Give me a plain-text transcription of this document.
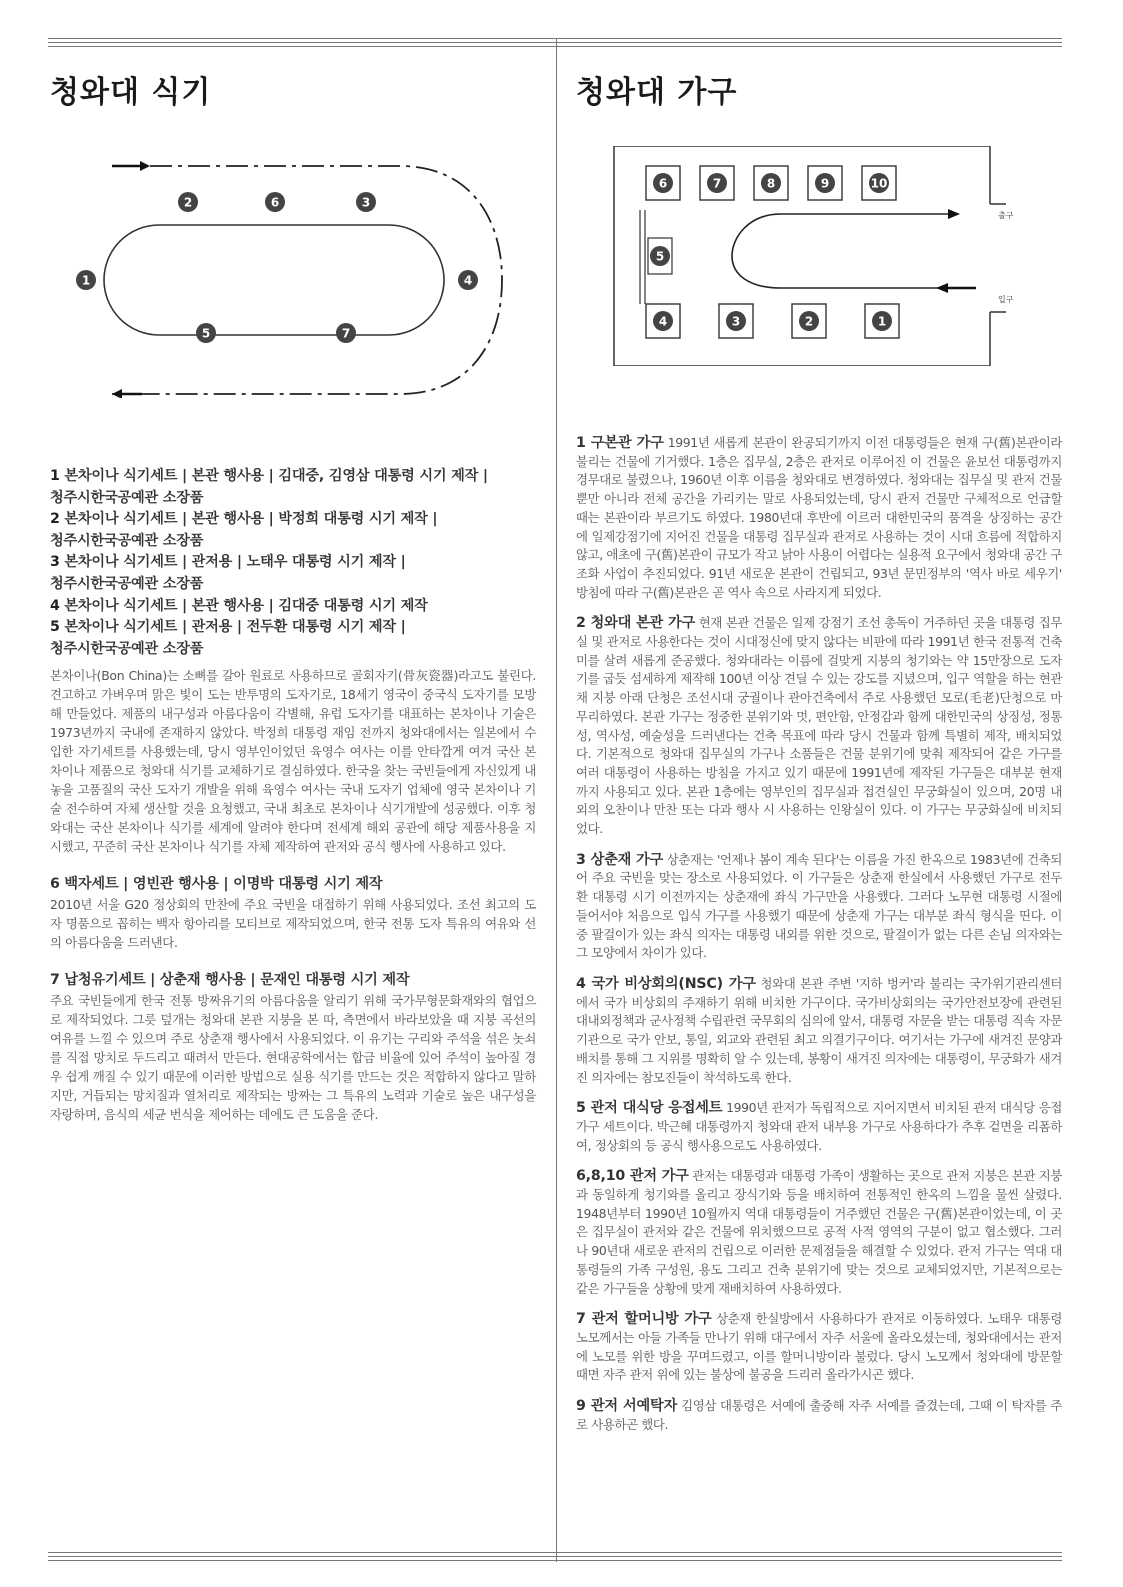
청와대 식기
1
2	6	3
4
5	7

1 본차이나 식기세트 | 본관 행사용 | 김대중, 김영삼 대통령 시기 제작 |

청주시한국공예관 소장품

2 본차이나 식기세트 | 본관 행사용 | 박정희 대통령 시기 제작 |

청주시한국공예관 소장품

3 본차이나 식기세트 | 관저용 | 노태우 대통령 시기 제작 |

청주시한국공예관 소장품

4 본차이나 식기세트 | 본관 행사용 | 김대중 대통령 시기 제작

5 본차이나 식기세트 | 관저용 | 전두환 대통령 시기 제작 |

청주시한국공예관 소장품

본차이나(Bon China)는 소뼈를 갈아 원료로 사용하므로 골회자기(骨灰瓷器)라고도 불린다. 견고하고 가벼우며 맑은 빛이 도는 반투명의 도자기로, 18세기 영국이 중국식 도자기를 모방해 만들었다. 제품의 내구성과 아름다움이 각별해, 유럽 도자기를 대표하는 본차이나 기술은 1973년까지 국내에 존재하지 않았다. 박정희 대통령 재임 전까지 청와대에서는 일본에서 수입한 자기세트를 사용했는데, 당시 영부인이었던 육영수 여사는 이를 안타깝게 여겨 국산 본차이나 제품으로 청와대 식기를 교체하기로 결심하였다. 한국을 찾는 국빈들에게 자신있게 내놓을 고품질의 국산 도자기 개발을 위해 육영수 여사는 국내 도자기 업체에 영국 본차이나 기술 전수하여 자체 생산할 것을 요청했고, 국내 최초로 본차이나 식기개발에 성공했다. 이후 청와대는 국산 본차이나 식기를 세계에 알려야 한다며 전세계 해외 공관에 해당 제품사용을 지시했고, 꾸준히 국산 본차이나 식기를 자체 제작하여 관저와 공식 행사에 사용하고 있다.

6 백자세트 | 영빈관 행사용 | 이명박 대통령 시기 제작

2010년 서울 G20 정상회의 만찬에 주요 국빈을 대접하기 위해 사용되었다. 조선 최고의 도자 명품으로 꼽히는 백자 항아리를 모티브로 제작되었으며, 한국 전통 도자 특유의 여유와 선의 아름다움을 드러낸다.

7 납청유기세트 | 상춘재 행사용 | 문재인 대통령 시기 제작

주요 국빈들에게 한국 전통 방짜유기의 아름다움을 알리기 위해 국가무형문화재와의 협업으로 제작되었다. 그릇 덮개는 청와대 본관 지붕을 본 따, 측면에서 바라보았을 때 지붕 곡선의 여유를 느낄 수 있으며 주로 상춘재 행사에서 사용되었다. 이 유기는 구리와 주석을 섞은 놋쇠를 직접 망치로 두드리고 때려서 만든다. 현대공학에서는 합금 비율에 있어 주석이 높아질 경우 쉽게 깨질 수 있기 때문에 이러한 방법으로 실용 식기를 만드는 것은 적합하지 않다고 말하지만, 거듭되는 망치질과 열처리로 제작되는 방짜는 그 특유의 노력과 기술로 높은 내구성을 자랑하며, 음식의 세균 번식을 제어하는 데에도 큰 도움을 준다.

청와대 가구
출구
입구
6	7	8	9	10
4	3	2	1
5

1 구본관 가구 1991년 새롭게 본관이 완공되기까지 이전 대통령들은 현재 구(舊)본관이라 불리는 건물에 기거했다. 1층은 집무실, 2층은 관저로 이루어진 이 건물은 윤보선 대통령까지 경무대로 불렸으나, 1960년 이후 이름을 청와대로 변경하였다. 청와대는 집무실 및 관저 건물뿐만 아니라 전체 공간을 가리키는 말로 사용되었는데, 당시 관저 건물만 구체적으로 언급할 때는 본관이라 부르기도 하였다. 1980년대 후반에 이르러 대한민국의 품격을 상징하는 공간에 일제강점기에 지어진 건물을 대통령 집무실과 관저로 사용하는 것이 시대 흐름에 적합하지 않고, 애초에 구(舊)본관이 규모가 작고 낡아 사용이 어렵다는 실용적 요구에서 청와대 공간 구조화 사업이 추진되었다. 91년 새로운 본관이 건립되고, 93년 문민정부의 '역사 바로 세우기' 방침에 따라 구(舊)본관은 곧 역사 속으로 사라지게 되었다.

2 청와대 본관 가구 현재 본관 건물은 일제 강점기 조선 총독이 거주하던 곳을 대통령 집무실 및 관저로 사용한다는 것이 시대정신에 맞지 않다는 비판에 따라 1991년 한국 전통적 건축미를 살려 새롭게 준공했다. 청와대라는 이름에 걸맞게 지붕의 청기와는 약 15만장으로 도자기를 굽듯 섬세하게 제작해 100년 이상 견딜 수 있는 강도를 지녔으며, 입구 역할을 하는 현관채 지붕 아래 단청은 조선시대 궁궐이나 관아건축에서 주로 사용했던 모로(毛老)단청으로 마무리하였다. 본관 가구는 정중한 분위기와 멋, 편안함, 안정감과 함께 대한민국의 상징성, 정통성, 역사성, 예술성을 드러낸다는 건축 목표에 따라 당시 건물과 함께 특별히 제작, 배치되었다. 기본적으로 청와대 집무실의 가구나 소품들은 건물 분위기에 맞춰 제작되어 같은 가구를 여러 대통령이 사용하는 방침을 가지고 있기 때문에 1991년에 제작된 가구들은 대부분 현재까지 사용되고 있다. 본관 1층에는 영부인의 집무실과 접견실인 무궁화실이 있으며, 20명 내외의 오찬이나 만찬 또는 다과 행사 시 사용하는 인왕실이 있다. 이 가구는 무궁화실에 비치되었다.

3 상춘재 가구 상춘재는 '언제나 봄이 계속 된다'는 이름을 가진 한옥으로 1983년에 건축되어 주요 국빈을 맞는 장소로 사용되었다. 이 가구들은 상춘재 한실에서 사용했던 가구로 전두환 대통령 시기 이전까지는 상춘재에 좌식 가구만을 사용했다. 그러다 노무현 대통령 시절에 들어서야 처음으로 입식 가구를 사용했기 때문에 상춘재 가구는 대부분 좌식 형식을 띤다. 이 중 팔걸이가 있는 좌식 의자는 대통령 내외를 위한 것으로, 팔걸이가 없는 다른 손님 의자와는 그 모양에서 차이가 있다.

4 국가 비상회의(NSC) 가구 청와대 본관 주변 '지하 벙커'라 불리는 국가위기관리센터에서 국가 비상회의 주재하기 위해 비치한 가구이다. 국가비상회의는 국가안전보장에 관련된 대내외정책과 군사정책 수립관련 국무회의 심의에 앞서, 대통령 자문을 받는 대통령 직속 자문 기관으로 국가 안보, 통일, 외교와 관련된 최고 의결기구이다. 여기서는 가구에 새겨진 문양과 배치를 통해 그 지위를 명확히 알 수 있는데, 봉황이 새겨진 의자에는 대통령이, 무궁화가 새겨진 의자에는 참모진들이 착석하도록 한다.

5 관저 대식당 응접세트 1990년 관저가 독립적으로 지어지면서 비치된 관저 대식당 응접가구 세트이다. 박근혜 대통령까지 청와대 관저 내부용 가구로 사용하다가 추후 겉면을 리폼하여, 정상회의 등 공식 행사용으로도 사용하였다.

6,8,10 관저 가구 관저는 대통령과 대통령 가족이 생활하는 곳으로 관저 지붕은 본관 지붕과 동일하게 청기와를 올리고 장식기와 등을 배치하여 전통적인 한옥의 느낌을 물씬 살렸다. 1948년부터 1990년 10월까지 역대 대통령들이 거주했던 건물은 구(舊)본관이었는데, 이 곳은 집무실이 관저와 같은 건물에 위치했으므로 공적 사적 영역의 구분이 없고 협소했다. 그러나 90년대 새로운 관저의 건립으로 이러한 문제점들을 해결할 수 있었다. 관저 가구는 역대 대통령들의 가족 구성원, 용도 그리고 건축 분위기에 맞는 것으로 교체되었지만, 기본적으로는 같은 가구들을 상황에 맞게 재배치하여 사용하였다.

7 관저 할머니방 가구 상춘재 한실방에서 사용하다가 관저로 이동하였다. 노태우 대통령 노모께서는 아들 가족들 만나기 위해 대구에서 자주 서울에 올라오셨는데, 청와대에서는 관저에 노모를 위한 방을 꾸며드렸고, 이를 할머니방이라 불렀다. 당시 노모께서 청와대에 방문할 때면 자주 관저 위에 있는 불상에 불공을 드리러 올라가시곤 했다.

9 관저 서예탁자 김영삼 대통령은 서예에 출중해 자주 서예를 즐겼는데, 그때 이 탁자를 주로 사용하곤 했다.
